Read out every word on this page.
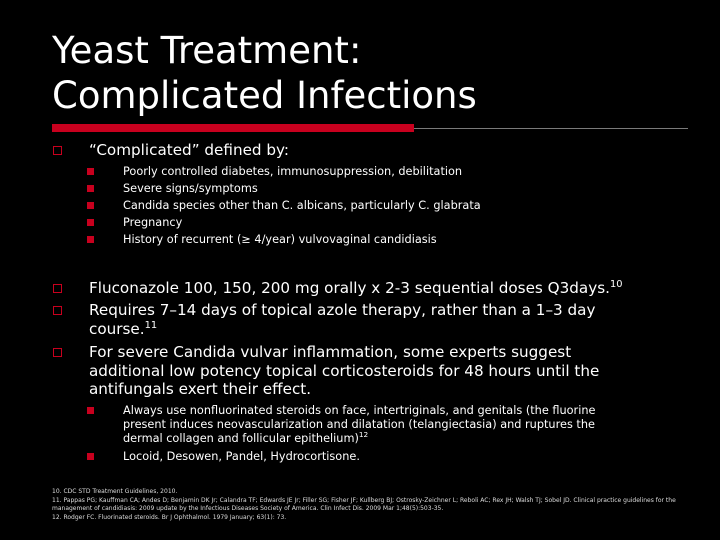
Yeast Treatment:
Complicated Infections
“Complicated” defined by:
Poorly controlled diabetes, immunosuppression, debilitation
Severe signs/symptoms
Candida species other than C. albicans, particularly C. glabrata
Pregnancy
History of recurrent (≥ 4/year) vulvovaginal candidiasis
Fluconazole 100, 150, 200 mg orally x 2-3 sequential doses Q3days.$^{10}$
Requires 7–14 days of topical azole therapy, rather than a 1–3 day
course.$^{11}$
For severe Candida vulvar inflammation, some experts suggest
additional low potency topical corticosteroids for 48 hours until the
antifungals exert their effect.
Always use nonfluorinated steroids on face, intertriginals, and genitals (the fluorine
present induces neovascularization and dilatation (telangiectasia) and ruptures the
dermal collagen and follicular epithelium)$^{12}$
Locoid, Desowen, Pandel, Hydrocortisone.
10. CDC STD Treatment Guidelines, 2010.
11. Pappas PG; Kauffman CA; Andes D; Benjamin DK Jr; Calandra TF; Edwards JE Jr; Filler SG; Fisher JF; Kullberg BJ; Ostrosky-Zeichner L; Reboli AC; Rex JH; Walsh TJ; Sobel JD. Clinical practice guidelines for the management of candidiasis: 2009 update by the Infectious Diseases Society of America. Clin Infect Dis. 2009 Mar 1;48(5):503-35.
12. Rodger FC. Fluorinated steroids. Br J Ophthalmol. 1979 January; 63(1): 73.
